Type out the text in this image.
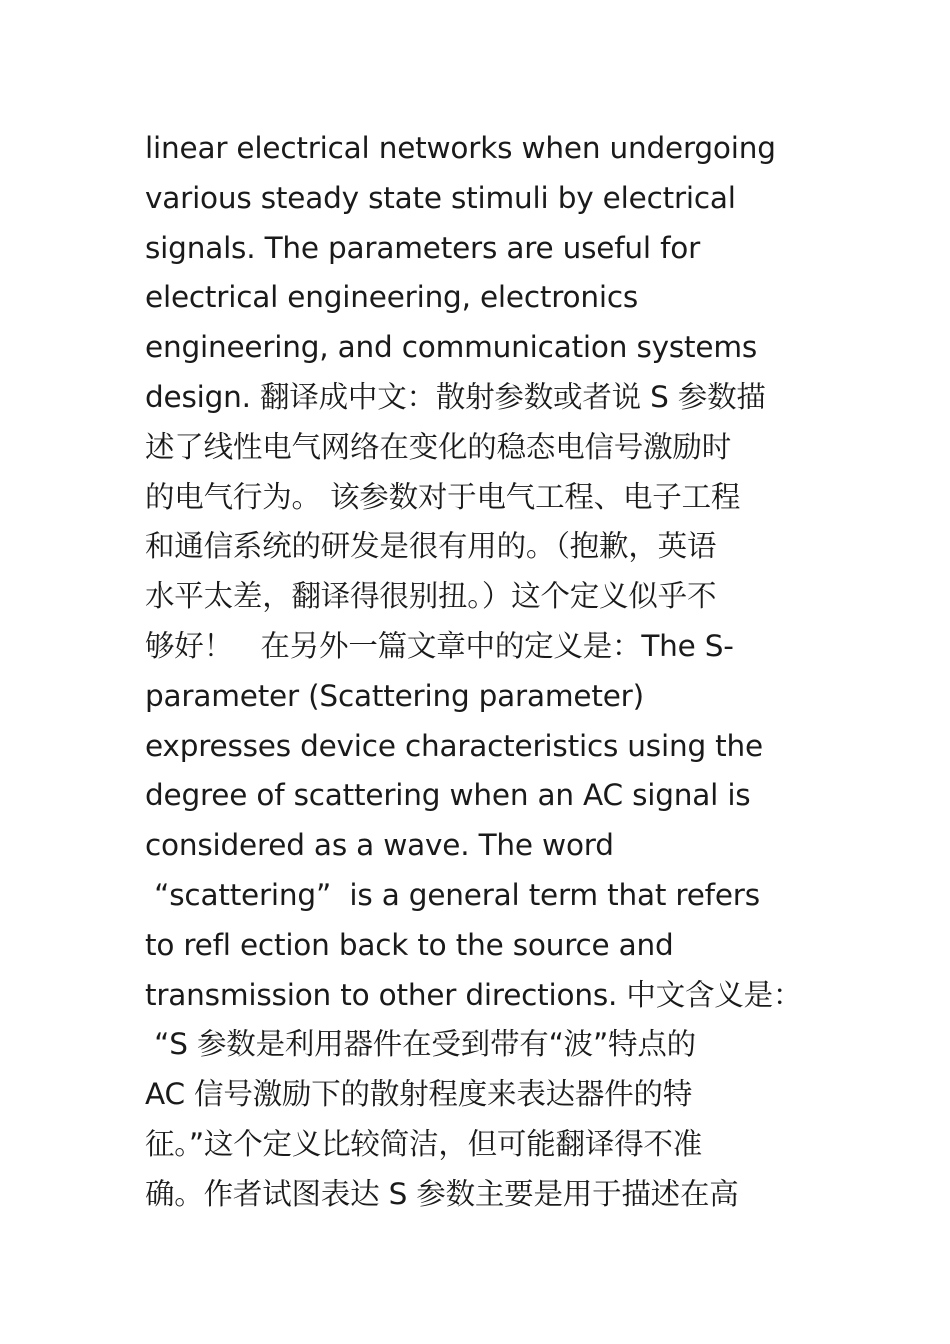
linear electrical networks when undergoing
various steady state stimuli by electrical
signals. The parameters are useful for
electrical engineering, electronics
engineering, and communication systems
design. 翻译成中文：散射参数或者说 S 参数描
述了线性电气网络在变化的稳态电信号激励时
的电气行为。 该参数对于电气工程、电子工程
和通信系统的研发是很有用的。（抱歉，英语
水平太差，翻译得很别扭。）这个定义似乎不
够好！   在另外一篇文章中的定义是：The S-
parameter (Scattering parameter)
expresses device characteristics using the
degree of scattering when an AC signal is
considered as a wave. The word
“scattering”  is a general term that refers
to refl ection back to the source and
transmission to other directions. 中文含义是：
“S 参数是利用器件在受到带有“波”特点的
AC 信号激励下的散射程度来表达器件的特
征。”这个定义比较简洁，但可能翻译得不准
确。作者试图表达 S 参数主要是用于描述在高
